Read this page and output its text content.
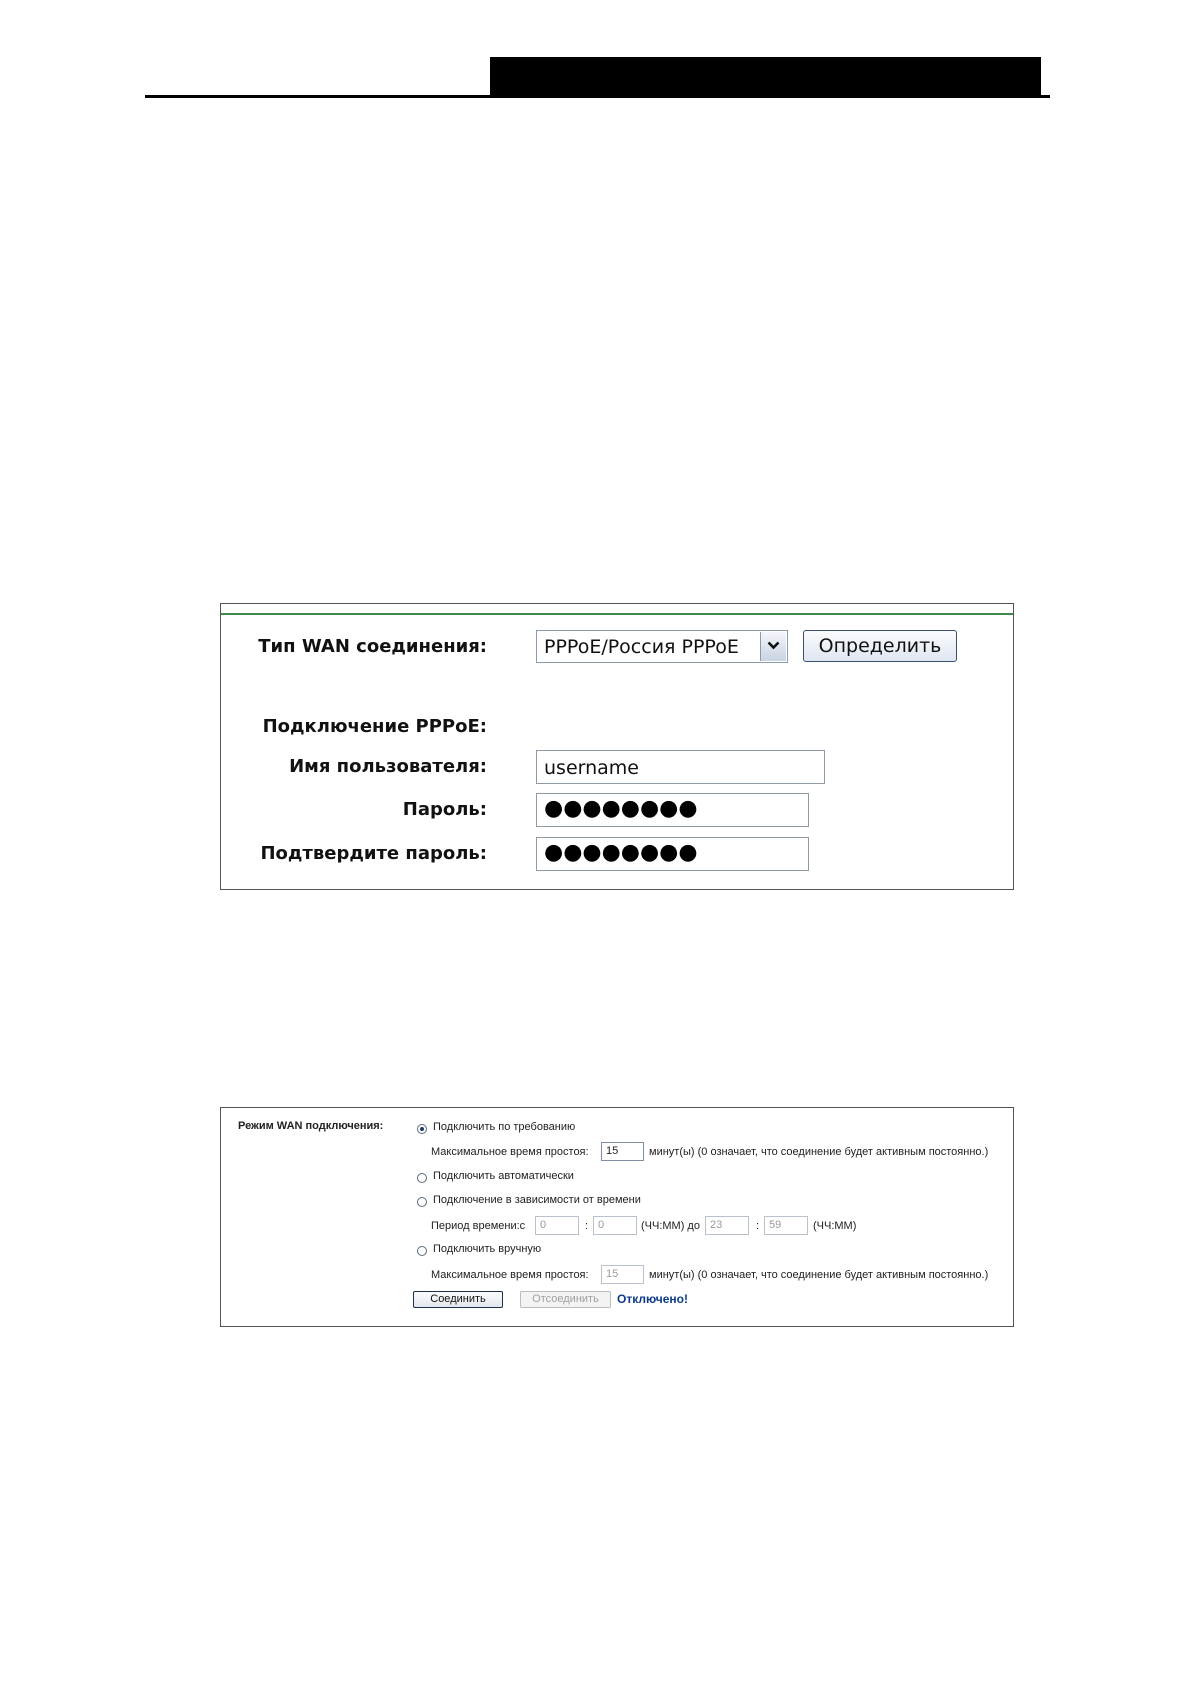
Тип WAN соединения:	PPPoE/Россия PPPoE	Определить
Подключение PPPoE:
Имя пользователя:	username
Пароль:	●●●●●●●●
Подтвердите пароль:	●●●●●●●●
Режим WAN подключения:	Подключить по требованию
Максимальное время простоя:	15	минут(ы) (0 означает, что соединение будет активным постоянно.)
Подключить автоматически
Подключение в зависимости от времени
Период времени:с	0	: 0	(ЧЧ:ММ) до 23	: 59	(ЧЧ:ММ)
Подключить вручную
Максимальное время простоя:	15	минут(ы) (0 означает, что соединение будет активным постоянно.)
Соединить	Отсоединить	Отключено!
